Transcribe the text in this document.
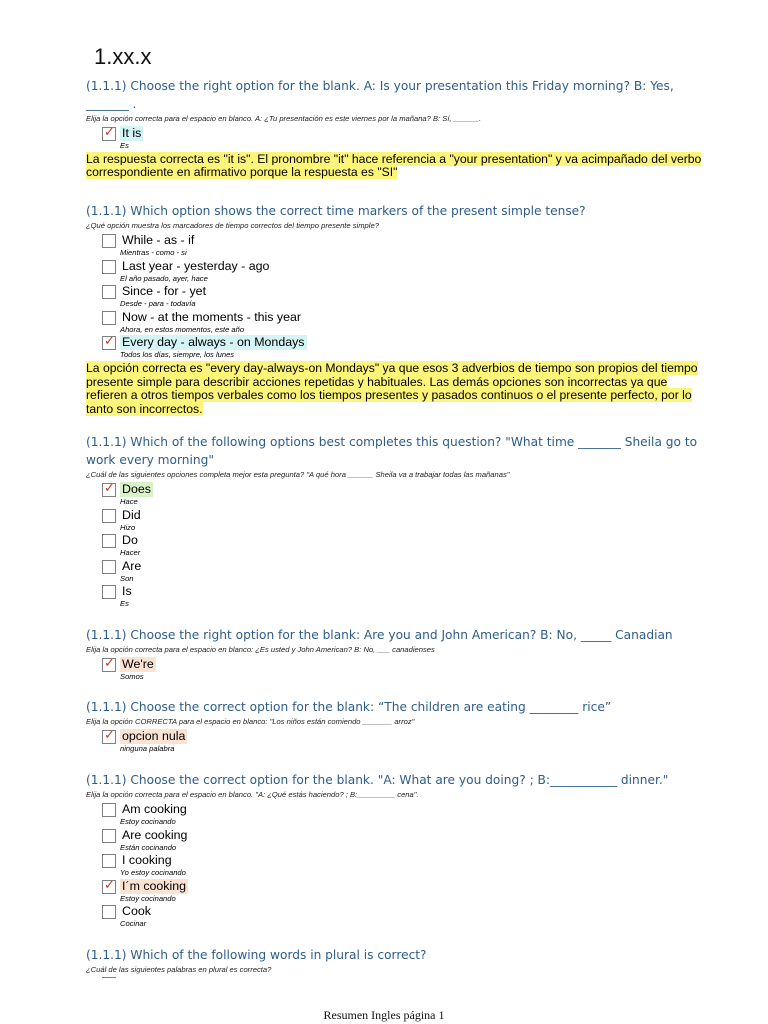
1.xx.x

(1.1.1) Choose the right option for the blank. A: Is your presentation this Friday morning? B: Yes, _______ .

Elija la opción correcta para el espacio en blanco. A: ¿Tu presentación es este viernes por la mañana? B: Sí, ______.

✓ It is
Es

La respuesta correcta es "it is". El pronombre "it" hace referencia a "your presentation" y va acimpañado del verbo correspondiente en afirmativo porque la respuesta es "SI"

(1.1.1) Which option shows the correct time markers of the present simple tense?

¿Qué opción muestra los marcadores de tiempo correctos del tiempo presente simple?

While - as - if
Mientras - como - si
Last year - yesterday - ago
El año pasado, ayer, hace
Since - for - yet
Desde - para - todavía
Now - at the moments - this year
Ahora, en estos momentos, este año
✓ Every day - always - on Mondays
Todos los días, siempre, los lunes

La opción correcta es "every day-always-on Mondays" ya que esos 3 adverbios de tiempo son propios del tiempo presente simple para describir acciones repetidas y habituales. Las demás opciones son incorrectas ya que refieren a otros tiempos verbales como los tiempos presentes y pasados continuos o el presente perfecto, por lo tanto son incorrectos.

(1.1.1) Which of the following options best completes this question? "What time _______ Sheila go to work every morning"

¿Cuál de las siguientes opciones completa mejor esta pregunta? "A qué hora ______ Sheila va a trabajar todas las mañanas"

✓ Does
Hace
Did
Hizo
Do
Hacer
Are
Son
Is
Es

(1.1.1) Choose the right option for the blank: Are you and John American? B: No, _____ Canadian

Elija la opción correcta para el espacio en blanco: ¿Es usted y John American? B: No, ___ canadienses

✓ We're
Somos

(1.1.1) Choose the correct option for the blank: “The children are eating ________ rice”

Elija la opción CORRECTA para el espacio en blanco: "Los niños están comiendo _______ arroz"

✓ opcion nula
ninguna palabra

(1.1.1) Choose the correct option for the blank. "A: What are you doing? ; B:___________ dinner."

Elija la opción correcta para el espacio en blanco. "A: ¿Qué estás haciendo? ; B:_________ cena".

Am cooking
Estoy cocinando
Are cooking
Están cocinando
I cooking
Yo estoy cocinando
✓ I´m cooking
Estoy cocinando
Cook
Cocinar

(1.1.1) Which of the following words in plural is correct?

¿Cuál de las siguientes palabras en plural es correcta?

Resumen Ingles página 1
